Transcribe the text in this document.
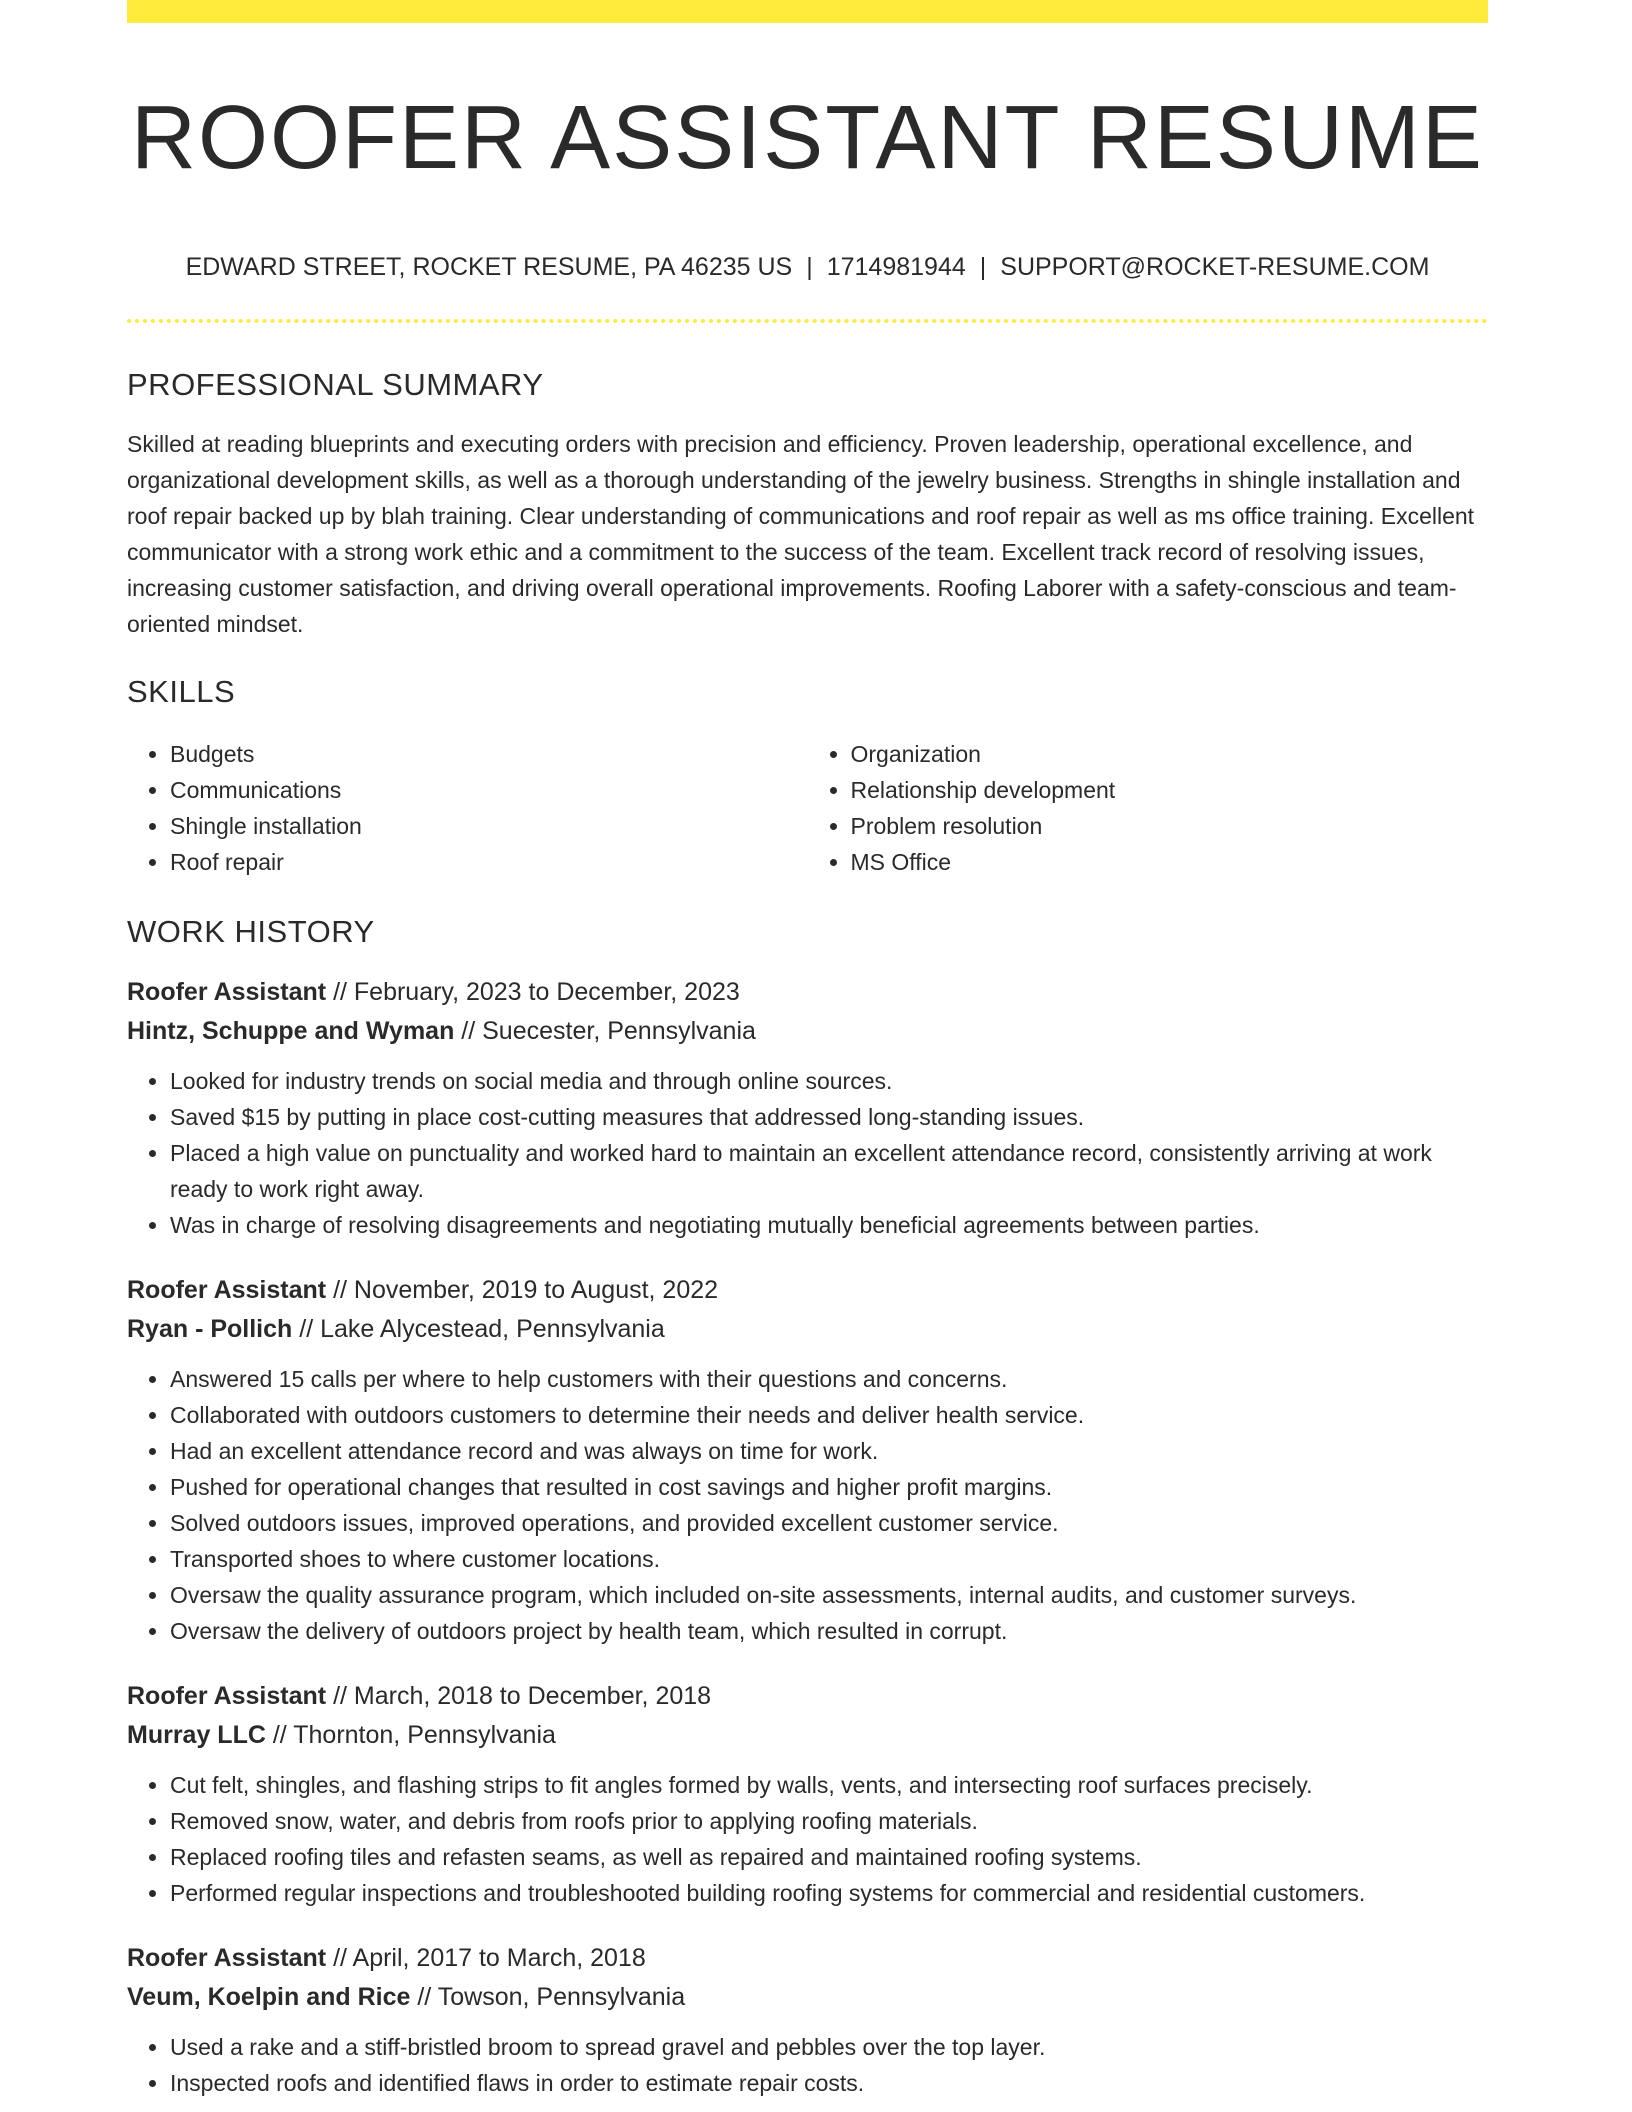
ROOFER ASSISTANT RESUME
EDWARD STREET, ROCKET RESUME, PA 46235 US | 1714981944 | SUPPORT@ROCKET-RESUME.COM
PROFESSIONAL SUMMARY

Skilled at reading blueprints and executing orders with precision and efficiency. Proven leadership, operational excellence, and organizational development skills, as well as a thorough understanding of the jewelry business. Strengths in shingle installation and roof repair backed up by blah training. Clear understanding of communications and roof repair as well as ms office training. Excellent communicator with a strong work ethic and a commitment to the success of the team. Excellent track record of resolving issues, increasing customer satisfaction, and driving overall operational improvements. Roofing Laborer with a safety-conscious and team-oriented mindset.

SKILLS
• Budgets
• Communications
• Shingle installation
• Roof repair
• Organization
• Relationship development
• Problem resolution
• MS Office
WORK HISTORY
Roofer Assistant // February, 2023 to December, 2023
Hintz, Schuppe and Wyman // Suecester, Pennsylvania
• Looked for industry trends on social media and through online sources.
• Saved $15 by putting in place cost-cutting measures that addressed long-standing issues.
• Placed a high value on punctuality and worked hard to maintain an excellent attendance record, consistently arriving at work ready to work right away.
• Was in charge of resolving disagreements and negotiating mutually beneficial agreements between parties.
Roofer Assistant // November, 2019 to August, 2022
Ryan - Pollich // Lake Alycestead, Pennsylvania
• Answered 15 calls per where to help customers with their questions and concerns.
• Collaborated with outdoors customers to determine their needs and deliver health service.
• Had an excellent attendance record and was always on time for work.
• Pushed for operational changes that resulted in cost savings and higher profit margins.
• Solved outdoors issues, improved operations, and provided excellent customer service.
• Transported shoes to where customer locations.
• Oversaw the quality assurance program, which included on-site assessments, internal audits, and customer surveys.
• Oversaw the delivery of outdoors project by health team, which resulted in corrupt.
Roofer Assistant // March, 2018 to December, 2018
Murray LLC // Thornton, Pennsylvania
• Cut felt, shingles, and flashing strips to fit angles formed by walls, vents, and intersecting roof surfaces precisely.
• Removed snow, water, and debris from roofs prior to applying roofing materials.
• Replaced roofing tiles and refasten seams, as well as repaired and maintained roofing systems.
• Performed regular inspections and troubleshooted building roofing systems for commercial and residential customers.
Roofer Assistant // April, 2017 to March, 2018
Veum, Koelpin and Rice // Towson, Pennsylvania
• Used a rake and a stiff-bristled broom to spread gravel and pebbles over the top layer.
• Inspected roofs and identified flaws in order to estimate repair costs.
